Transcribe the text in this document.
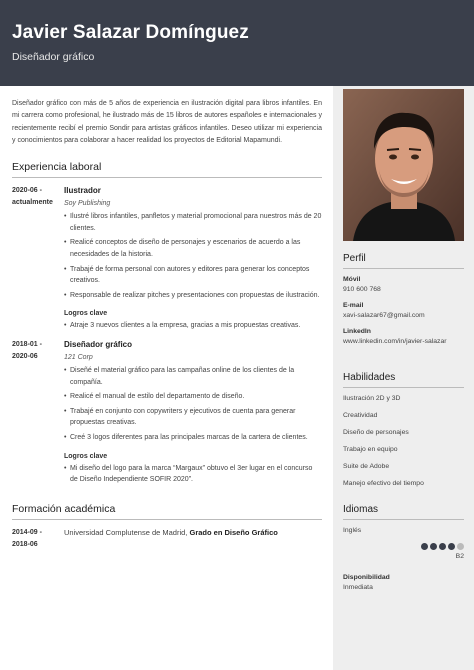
Javier Salazar Domínguez
Diseñador gráfico

Diseñador gráfico con más de 5 años de experiencia en ilustración digital para libros infantiles. En mi carrera como profesional, he ilustrado más de 15 libros de autores españoles e internacionales y recientemente recibí el premio Sondir para artistas gráficos infantiles. Deseo utilizar mi experiencia y conocimientos para colaborar a hacer realidad los proyectos de Editorial Mapamundi.

Experiencia laboral
2020-06 -
actualmente
Ilustrador
Soy Publishing
• Ilustré libros infantiles, panfletos y material promocional para nuestros más de 20 clientes.
• Realicé conceptos de diseño de personajes y escenarios de acuerdo a las necesidades de la historia.
• Trabajé de forma personal con autores y editores para generar los conceptos creativos.
• Responsable de realizar pitches y presentaciones con propuestas de ilustración.
Logros clave
• Atraje 3 nuevos clientes a la empresa, gracias a mis propuestas creativas.
2018-01 -
2020-06
Diseñador gráfico
121 Corp
• Diseñé el material gráfico para las campañas online de los clientes de la compañía.
• Realicé el manual de estilo del departamento de diseño.
• Trabajé en conjunto con copywriters y ejecutivos de cuenta para generar propuestas creativas.
• Creé 3 logos diferentes para las principales marcas de la cartera de clientes.
Logros clave
• Mi diseño del logo para la marca “Margaux” obtuvo el 3er lugar en el concurso de Diseño Independiente SOFIR 2020”.
Formación académica
2014-09 -
2018-06
Universidad Complutense de Madrid, Grado en Diseño Gráfico
Perfil
Móvil
910 600 768
E-mail
xavi-salazar67@gmail.com
LinkedIn
www.linkedin.com/in/javier-salazar
Habilidades
Ilustración 2D y 3D
Creatividad
Diseño de personajes
Trabajo en equipo
Suite de Adobe
Manejo efectivo del tiempo
Idiomas
Inglés
B2
Disponibilidad
Inmediata
